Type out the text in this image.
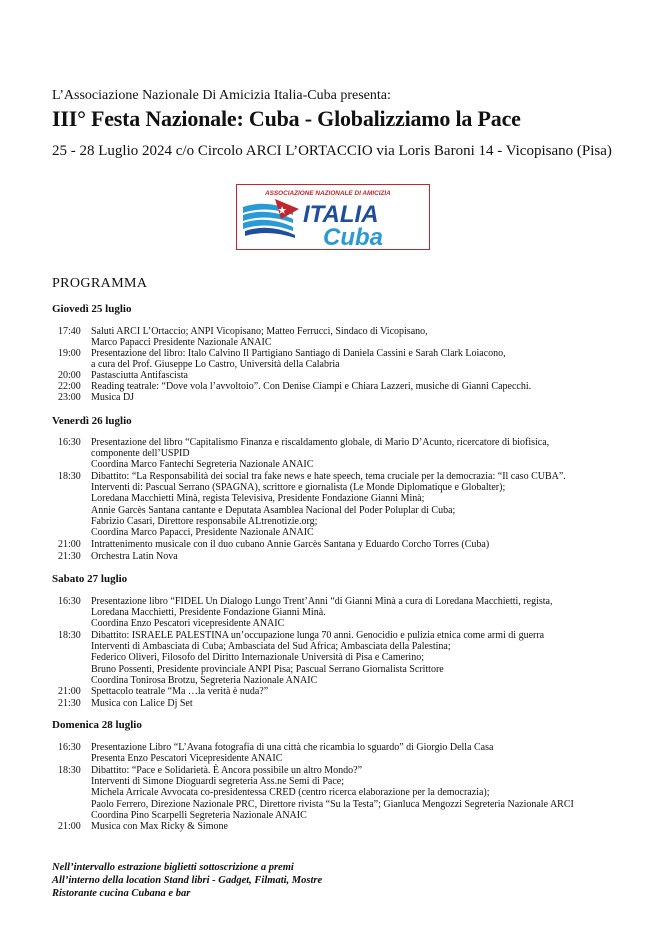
L’Associazione Nazionale Di Amicizia Italia-Cuba presenta:
III° Festa Nazionale: Cuba - Globalizziamo la Pace
25 - 28 Luglio 2024 c/o Circolo ARCI L’ORTACCIO via Loris Baroni 14 - Vicopisano (Pisa)
ASSOCIAZIONE NAZIONALE DI AMICIZIA
ITALIA
Cuba
PROGRAMMA
Giovedì 25 luglio
17:40	Saluti ARCI L’Ortaccio; ANPI Vicopisano; Matteo Ferrucci, Sindaco di Vicopisano,
Marco Papacci Presidente Nazionale ANAIC
19:00	Presentazione del libro: Italo Calvino Il Partigiano Santiago di Daniela Cassini e Sarah Clark Loiacono,
a cura del Prof. Giuseppe Lo Castro, Università della Calabria
20:00	Pastasciutta Antifascista
22:00	Reading teatrale: “Dove vola l’avvoltoio”. Con Denise Ciampi e Chiara Lazzeri, musiche di Gianni Capecchi.
23:00	Musica DJ
Venerdì 26 luglio
16:30	Presentazione del libro “Capitalismo Finanza e riscaldamento globale, di Mario D’Acunto, ricercatore di biofisica,
componente dell’USPID
Coordina Marco Fantechi Segreteria Nazionale ANAIC
18:30	Dibattito: “La Responsabilità dei social tra fake news e hate speech, tema cruciale per la democrazia: “Il caso CUBA”.
Interventi di: Pascual Serrano (SPAGNA), scrittore e giornalista (Le Monde Diplomatique e Globalter);
Loredana Macchietti Minà, regista Televisiva, Presidente Fondazione Gianni Minà;
Annie Garcès Santana cantante e Deputata Asamblea Nacional del Poder Poluplar di Cuba;
Fabrizio Casari, Direttore responsabile ALtrenotizie.org;
Coordina Marco Papacci, Presidente Nazionale ANAIC
21:00	Intrattenimento musicale con il duo cubano Annie Garcès Santana y Eduardo Corcho Torres (Cuba)
21:30	Orchestra Latin Nova
Sabato 27 luglio
16:30	Presentazione libro “FIDEL Un Dialogo Lungo Trent’Anni “di Gianni Minà a cura di Loredana Macchietti, regista,
Loredana Macchietti, Presidente Fondazione Gianni Minà.
Coordina Enzo Pescatori vicepresidente ANAIC
18:30	Dibattito: ISRAELE PALESTINA un’occupazione lunga 70 anni. Genocidio e pulizia etnica come armi di guerra
Interventi di Ambasciata di Cuba; Ambasciata del Sud Africa; Ambasciata della Palestina;
Federico Oliveri, Filosofo del Diritto Internazionale Università di Pisa e Camerino;
Bruno Possenti, Presidente provinciale ANPI Pisa; Pascual Serrano Giornalista Scrittore
Coordina Tonirosa Brotzu, Segreteria Nazionale ANAIC
21:00	Spettacolo teatrale “Ma …la verità è nuda?”
21:30	Musica con Lalice Dj Set
Domenica 28 luglio
16:30	Presentazione Libro “L’Avana fotografia di una città che ricambia lo sguardo” di Giorgio Della Casa
Presenta Enzo Pescatori Vicepresidente ANAIC
18:30	Dibattito: “Pace e Solidarietà. È Ancora possibile un altro Mondo?”
Interventi di Simone Dioguardi segreteria Ass.ne Semi di Pace;
Michela Arricale Avvocata co-presidentessa CRED (centro ricerca elaborazione per la democrazia);
Paolo Ferrero, Direzione Nazionale PRC, Direttore rivista “Su la Testa”; Gianluca Mengozzi Segreteria Nazionale ARCI
Coordina Pino Scarpelli Segreteria Nazionale ANAIC
21:00	Musica con Max Ricky & Simone
Nell’intervallo estrazione biglietti sottoscrizione a premi
All’interno della location Stand libri - Gadget, Filmati, Mostre
Ristorante cucina Cubana e bar
